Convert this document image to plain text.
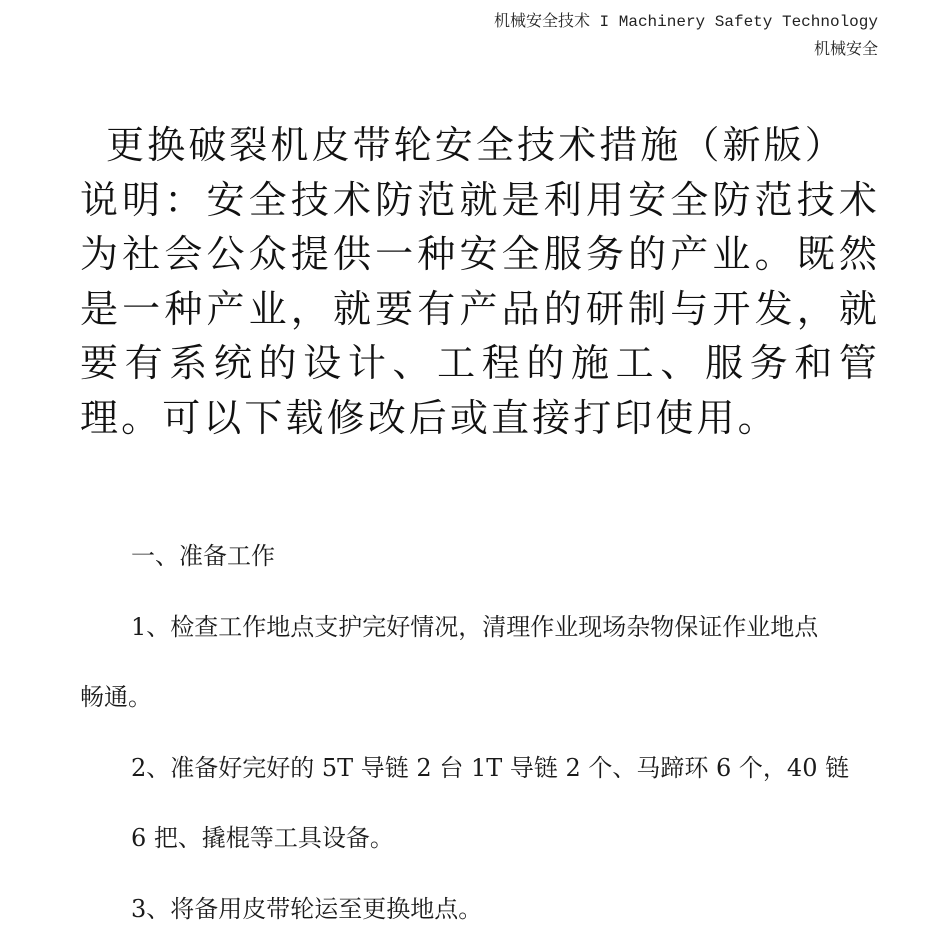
机械安全技术 I Machinery Safety Technology
机械安全
更换破裂机皮带轮安全技术措施（新版）
说明：安全技术防范就是利用安全防范技术为社会公众提供一种安全服务的产业。既然是一种产业，就要有产品的研制与开发，就要有系统的设计、工程的施工、服务和管理。可以下载修改后或直接打印使用。
一、准备工作
1、检查工作地点支护完好情况，清理作业现场杂物保证作业地点
畅通。
2、准备好完好的 5T 导链 2 台 1T 导链 2 个、马蹄环 6 个，40 链
6 把、撬棍等工具设备。
3、将备用皮带轮运至更换地点。
